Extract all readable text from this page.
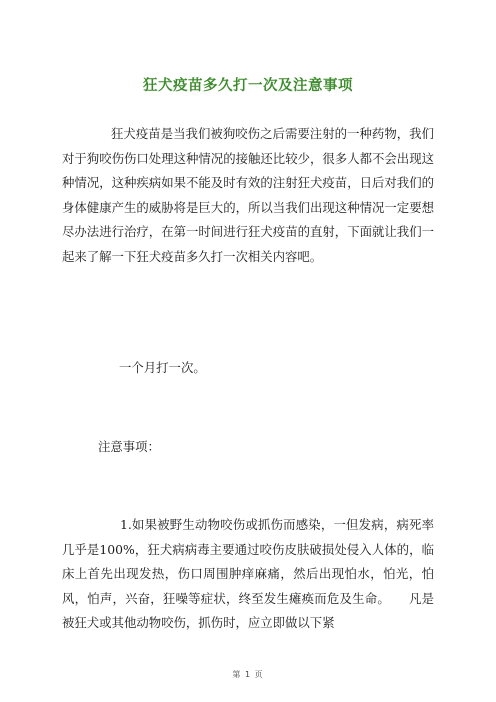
狂犬疫苗多久打一次及注意事项

狂犬疫苗是当我们被狗咬伤之后需要注射的一种药物，我们对于狗咬伤伤口处理这种情况的接触还比较少，很多人都不会出现这种情况，这种疾病如果不能及时有效的注射狂犬疫苗，日后对我们的身体健康产生的威胁将是巨大的，所以当我们出现这种情况一定要想尽办法进行治疗，在第一时间进行狂犬疫苗的直射，下面就让我们一起来了解一下狂犬疫苗多久打一次相关内容吧。

一个月打一次。

注意事项：

1.如果被野生动物咬伤或抓伤而感染，一但发病，病死率几乎是100%，狂犬病病毒主要通过咬伤皮肤破损处侵入人体的，临床上首先出现发热，伤口周围肿痒麻痛，然后出现怕水，怕光，怕风，怕声，兴奋，狂噪等症状，终至发生瘫痪而危及生命。　　凡是被狂犬或其他动物咬伤，抓伤时，应立即做以下紧

第 1 页
